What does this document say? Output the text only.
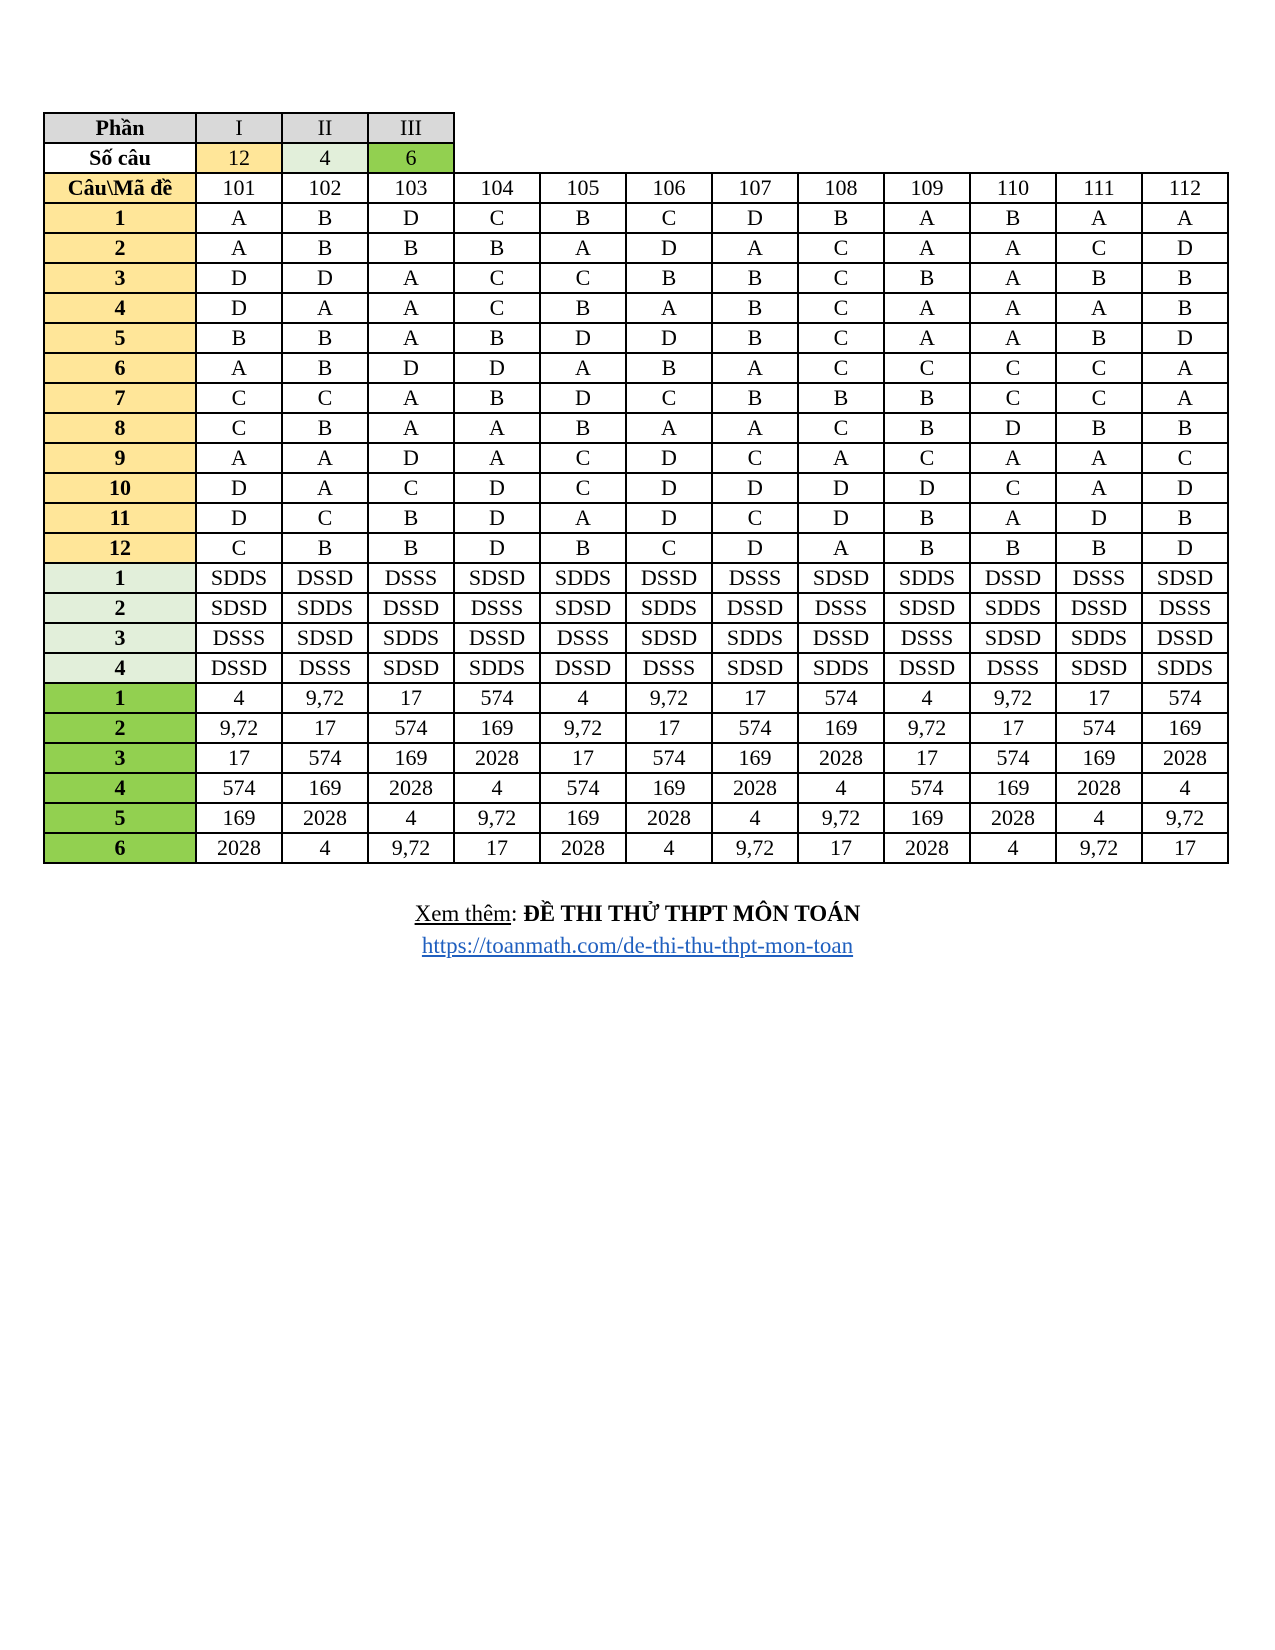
Phần	I	II	III
Số câu	12	4	6
Câu\Mã đề	101	102	103	104	105	106	107	108	109	110	111	112
1	A	B	D	C	B	C	D	B	A	B	A	A
2	A	B	B	B	A	D	A	C	A	A	C	D
3	D	D	A	C	C	B	B	C	B	A	B	B
4	D	A	A	C	B	A	B	C	A	A	A	B
5	B	B	A	B	D	D	B	C	A	A	B	D
6	A	B	D	D	A	B	A	C	C	C	C	A
7	C	C	A	B	D	C	B	B	B	C	C	A
8	C	B	A	A	B	A	A	C	B	D	B	B
9	A	A	D	A	C	D	C	A	C	A	A	C
10	D	A	C	D	C	D	D	D	D	C	A	D
11	D	C	B	D	A	D	C	D	B	A	D	B
12	C	B	B	D	B	C	D	A	B	B	B	D
1	SDDS	DSSD	DSSS	SDSD	SDDS	DSSD	DSSS	SDSD	SDDS	DSSD	DSSS	SDSD
2	SDSD	SDDS	DSSD	DSSS	SDSD	SDDS	DSSD	DSSS	SDSD	SDDS	DSSD	DSSS
3	DSSS	SDSD	SDDS	DSSD	DSSS	SDSD	SDDS	DSSD	DSSS	SDSD	SDDS	DSSD
4	DSSD	DSSS	SDSD	SDDS	DSSD	DSSS	SDSD	SDDS	DSSD	DSSS	SDSD	SDDS
1	4	9,72	17	574	4	9,72	17	574	4	9,72	17	574
2	9,72	17	574	169	9,72	17	574	169	9,72	17	574	169
3	17	574	169	2028	17	574	169	2028	17	574	169	2028
4	574	169	2028	4	574	169	2028	4	574	169	2028	4
5	169	2028	4	9,72	169	2028	4	9,72	169	2028	4	9,72
6	2028	4	9,72	17	2028	4	9,72	17	2028	4	9,72	17
Xem thêm: ĐỀ THI THỬ THPT MÔN TOÁN
https://toanmath.com/de-thi-thu-thpt-mon-toan
